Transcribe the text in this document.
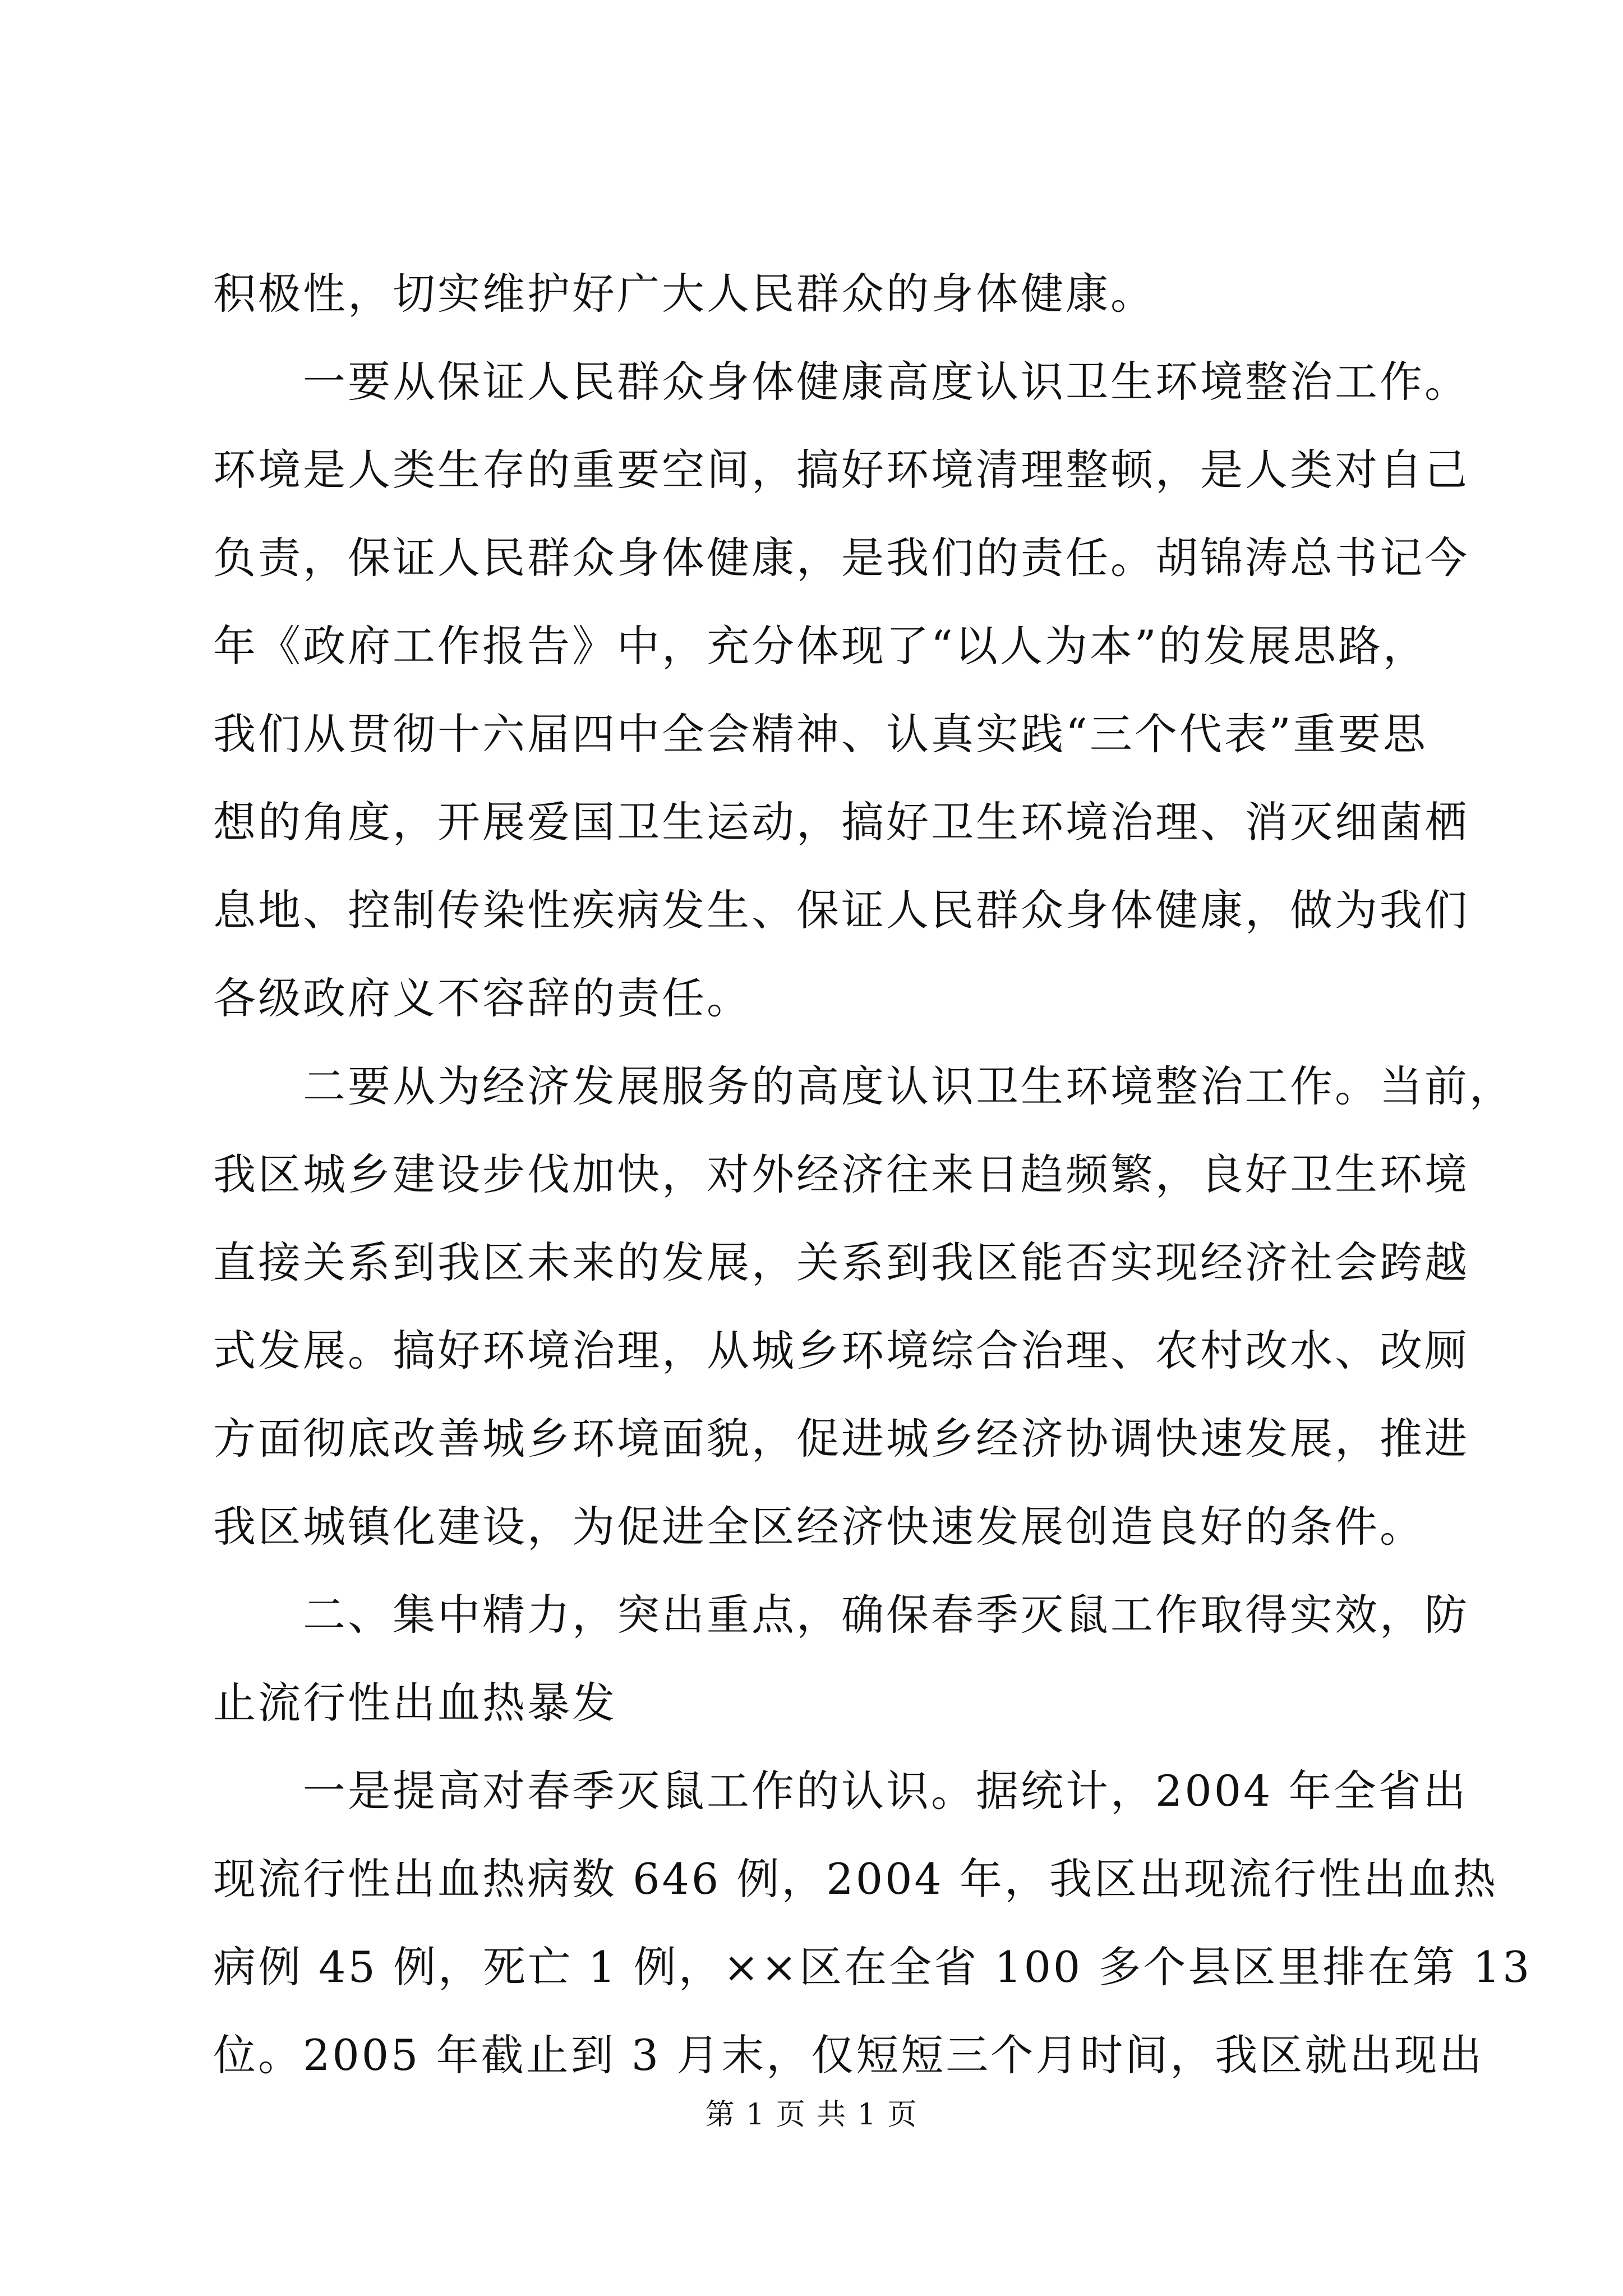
积极性，切实维护好广大人民群众的身体健康。
一要从保证人民群众身体健康高度认识卫生环境整治工作。
环境是人类生存的重要空间，搞好环境清理整顿，是人类对自己
负责，保证人民群众身体健康，是我们的责任。胡锦涛总书记今
年《政府工作报告》中，充分体现了“以人为本”的发展思路，
我们从贯彻十六届四中全会精神、认真实践“三个代表”重要思
想的角度，开展爱国卫生运动，搞好卫生环境治理、消灭细菌栖
息地、控制传染性疾病发生、保证人民群众身体健康，做为我们
各级政府义不容辞的责任。
二要从为经济发展服务的高度认识卫生环境整治工作。当前，
我区城乡建设步伐加快，对外经济往来日趋频繁，良好卫生环境
直接关系到我区未来的发展，关系到我区能否实现经济社会跨越
式发展。搞好环境治理，从城乡环境综合治理、农村改水、改厕
方面彻底改善城乡环境面貌，促进城乡经济协调快速发展，推进
我区城镇化建设，为促进全区经济快速发展创造良好的条件。
二、集中精力，突出重点，确保春季灭鼠工作取得实效，防
止流行性出血热暴发
一是提高对春季灭鼠工作的认识。据统计，2004 年全省出
现流行性出血热病数 646 例，2004 年，我区出现流行性出血热
病例 45 例，死亡 1 例，××区在全省 100 多个县区里排在第 13
位。2005 年截止到 3 月末，仅短短三个月时间，我区就出现出
第 1 页 共 1 页
